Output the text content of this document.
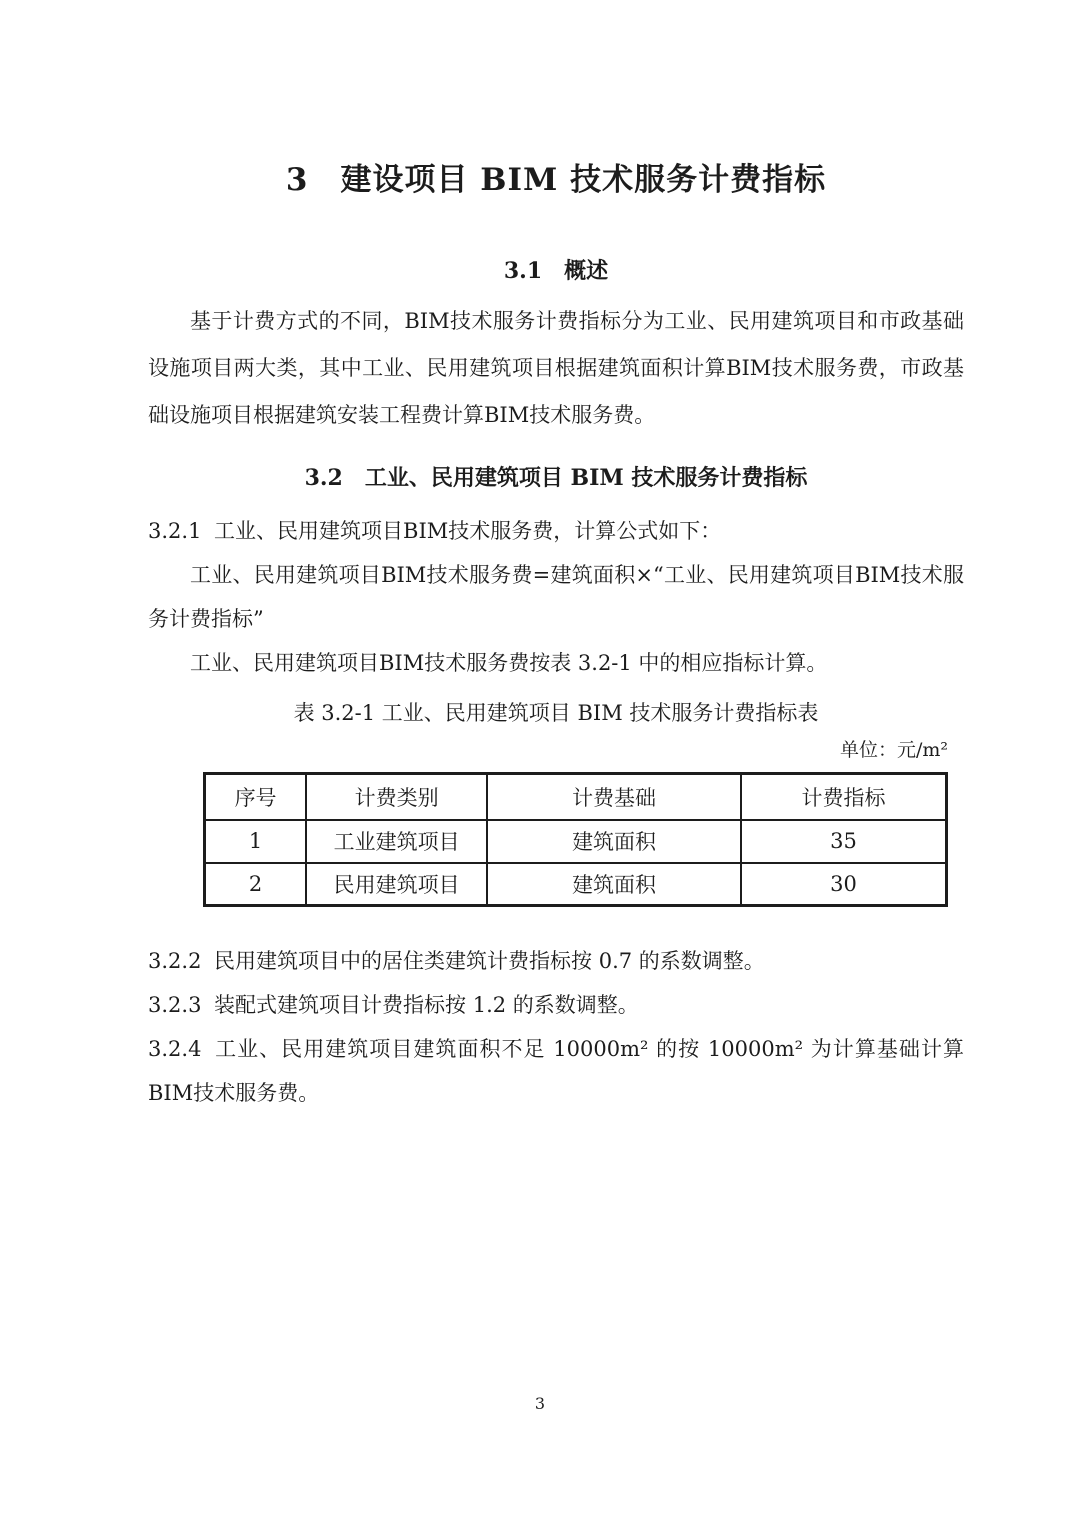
3　建设项目 BIM 技术服务计费指标
3.1　概述

基于计费方式的不同，BIM技术服务计费指标分为工业、民用建筑项目和市政基础设施项目两大类，其中工业、民用建筑项目根据建筑面积计算BIM技术服务费，市政基础设施项目根据建筑安装工程费计算BIM技术服务费。

3.2　工业、民用建筑项目 BIM 技术服务计费指标

3.2.1 工业、民用建筑项目BIM技术服务费，计算公式如下：

工业、民用建筑项目BIM技术服务费=建筑面积×“工业、民用建筑项目BIM技术服务计费指标”

工业、民用建筑项目BIM技术服务费按表 3.2-1 中的相应指标计算。

表 3.2-1 工业、民用建筑项目 BIM 技术服务计费指标表
单位：元/m²
序号	计费类别	计费基础	计费指标
1	工业建筑项目	建筑面积	35
2	民用建筑项目	建筑面积	30

3.2.2 民用建筑项目中的居住类建筑计费指标按 0.7 的系数调整。

3.2.3 装配式建筑项目计费指标按 1.2 的系数调整。

3.2.4 工业、民用建筑项目建筑面积不足 10000m² 的按 10000m² 为计算基础计算BIM技术服务费。

3
